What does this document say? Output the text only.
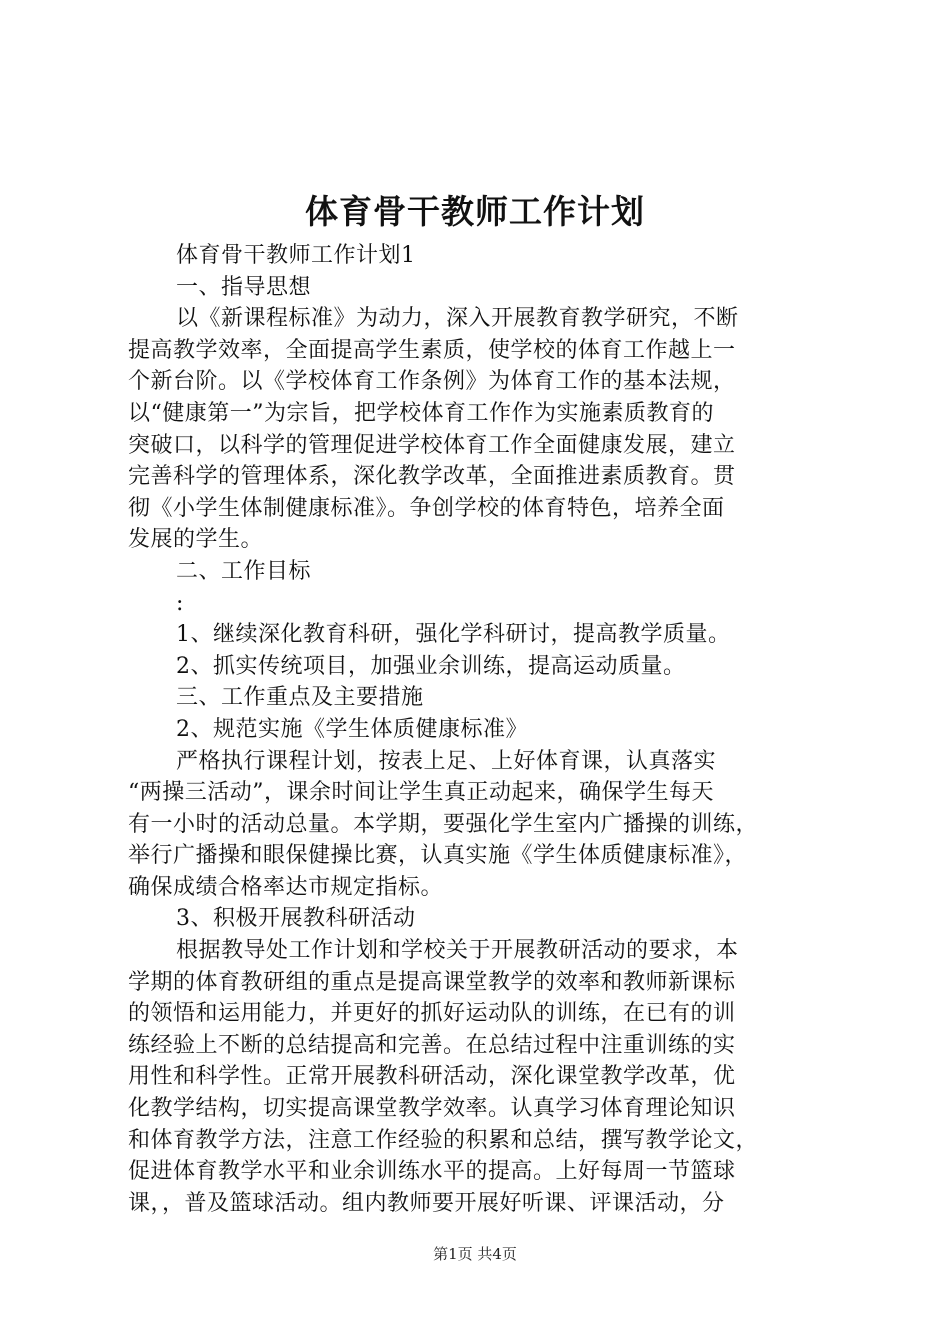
体育骨干教师工作计划
体育骨干教师工作计划1
一、指导思想
以《新课程标准》为动力，深入开展教育教学研究，不断
提高教学效率，全面提高学生素质，使学校的体育工作越上一
个新台阶。以《学校体育工作条例》为体育工作的基本法规，
以“健康第一”为宗旨，把学校体育工作作为实施素质教育的
突破口，以科学的管理促进学校体育工作全面健康发展，建立
完善科学的管理体系，深化教学改革，全面推进素质教育。贯
彻《小学生体制健康标准》。争创学校的体育特色，培养全面
发展的学生。
二、工作目标
:
1、继续深化教育科研，强化学科研讨，提高教学质量。
2、抓实传统项目，加强业余训练，提高运动质量。
三、工作重点及主要措施
2、规范实施《学生体质健康标准》
严格执行课程计划，按表上足、上好体育课，认真落实
“两操三活动”，课余时间让学生真正动起来，确保学生每天
有一小时的活动总量。本学期，要强化学生室内广播操的训练，
举行广播操和眼保健操比赛，认真实施《学生体质健康标准》，
确保成绩合格率达市规定指标。
3、积极开展教科研活动
根据教导处工作计划和学校关于开展教研活动的要求，本
学期的体育教研组的重点是提高课堂教学的效率和教师新课标
的领悟和运用能力，并更好的抓好运动队的训练，在已有的训
练经验上不断的总结提高和完善。在总结过程中注重训练的实
用性和科学性。正常开展教科研活动，深化课堂教学改革，优
化教学结构，切实提高课堂教学效率。认真学习体育理论知识
和体育教学方法，注意工作经验的积累和总结，撰写教学论文，
促进体育教学水平和业余训练水平的提高。上好每周一节篮球
课，，普及篮球活动。组内教师要开展好听课、评课活动，分
第1页 共4页
